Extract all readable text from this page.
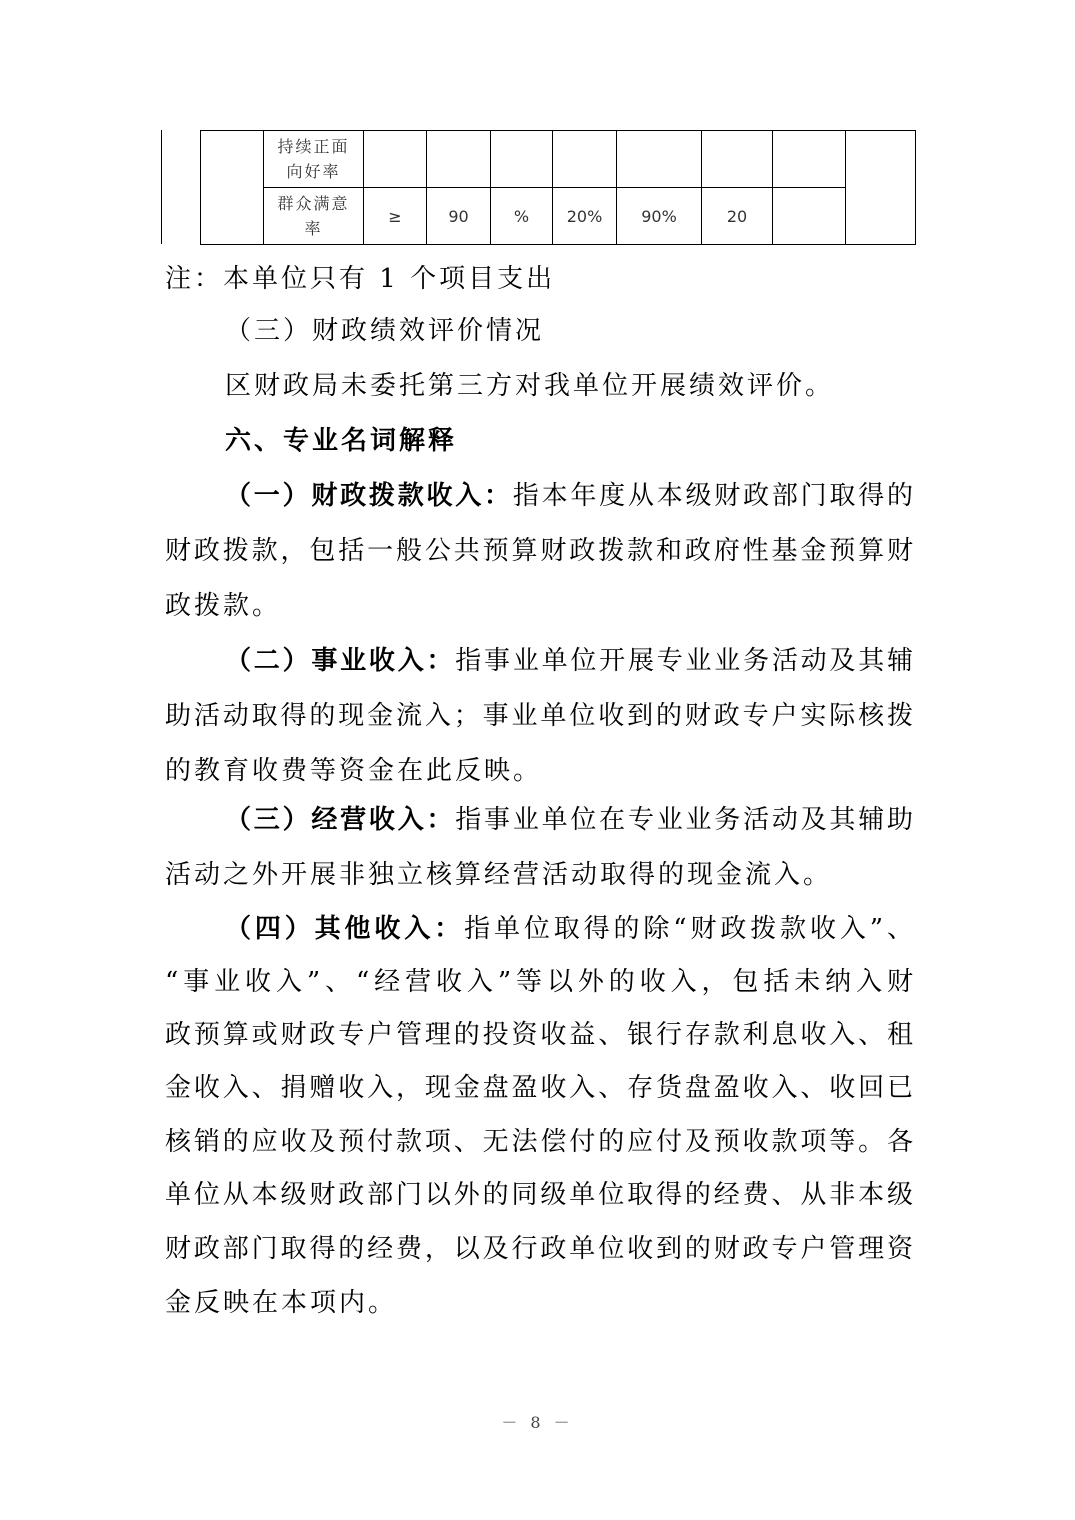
	持续正面
向好率								

	群众满意
率	≥	90	%	20%	90%	20		
注：本单位只有 1 个项目支出
（三）财政绩效评价情况
区财政局未委托第三方对我单位开展绩效评价。
六、专业名词解释
（一）财政拨款收入：指本年度从本级财政部门取得的
财政拨款，包括一般公共预算财政拨款和政府性基金预算财
政拨款。
（二）事业收入：指事业单位开展专业业务活动及其辅
助活动取得的现金流入；事业单位收到的财政专户实际核拨
的教育收费等资金在此反映。
（三）经营收入：指事业单位在专业业务活动及其辅助
活动之外开展非独立核算经营活动取得的现金流入。
（四）其他收入：指单位取得的除“财政拨款收入”、
“事业收入”、“经营收入”等以外的收入，包括未纳入财
政预算或财政专户管理的投资收益、银行存款利息收入、租
金收入、捐赠收入，现金盘盈收入、存货盘盈收入、收回已
核销的应收及预付款项、无法偿付的应付及预收款项等。各
单位从本级财政部门以外的同级单位取得的经费、从非本级
财政部门取得的经费，以及行政单位收到的财政专户管理资
金反映在本项内。
－ 8 －
